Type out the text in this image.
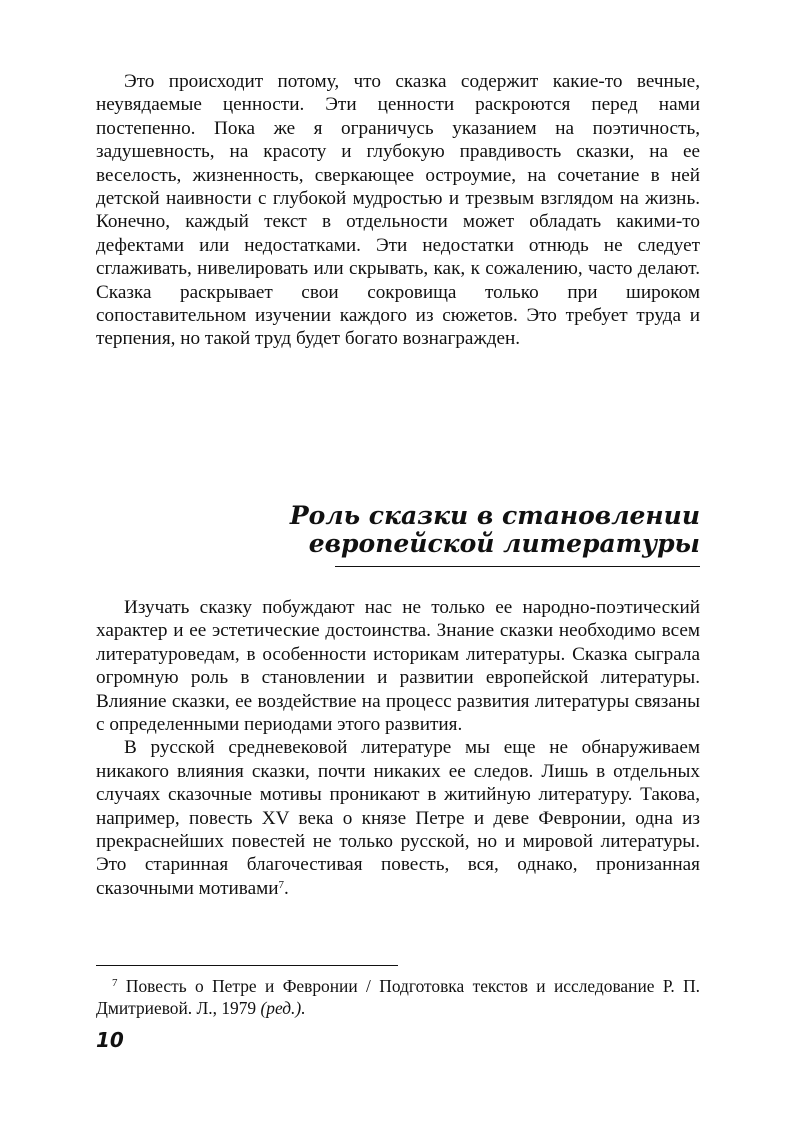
Это происходит потому, что сказка содержит какие-то вечные, неувядаемые ценности. Эти ценности раскроются перед нами постепенно. Пока же я ограничусь указанием на поэтичность, задушевность, на красоту и глубокую правдивость сказки, на ее веселость, жизненность, сверкающее остроумие, на сочетание в ней детской наивности с глубокой мудростью и трезвым взглядом на жизнь. Конечно, каждый текст в отдельности может обладать какими-то дефектами или недостатками. Эти недостатки отнюдь не следует сглаживать, нивелировать или скрывать, как, к сожалению, часто делают. Сказка раскрывает свои сокровища только при широком сопоставительном изучении каждого из сюжетов. Это требует труда и терпения, но такой труд будет богато вознагражден.

Роль сказки в становлении
европейской литературы

Изучать сказку побуждают нас не только ее народно-поэтический характер и ее эстетические достоинства. Знание сказки необходимо всем литературоведам, в особенности историкам литературы. Сказка сыграла огромную роль в становлении и развитии европейской литературы. Влияние сказки, ее воздействие на процесс развития литературы связаны с определенными периодами этого развития.

В русской средневековой литературе мы еще не обнаруживаем никакого влияния сказки, почти никаких ее следов. Лишь в отдельных случаях сказочные мотивы проникают в житийную литературу. Такова, например, повесть XV века о князе Петре и деве Февронии, одна из прекраснейших повестей не только русской, но и мировой литературы. Это старинная благочестивая повесть, вся, однако, пронизанная сказочными мотивами$^7$.

$^7$ Повесть о Петре и Февронии / Подготовка текстов и исследование Р. П. Дмитриевой. Л., 1979 (ред.).

10
